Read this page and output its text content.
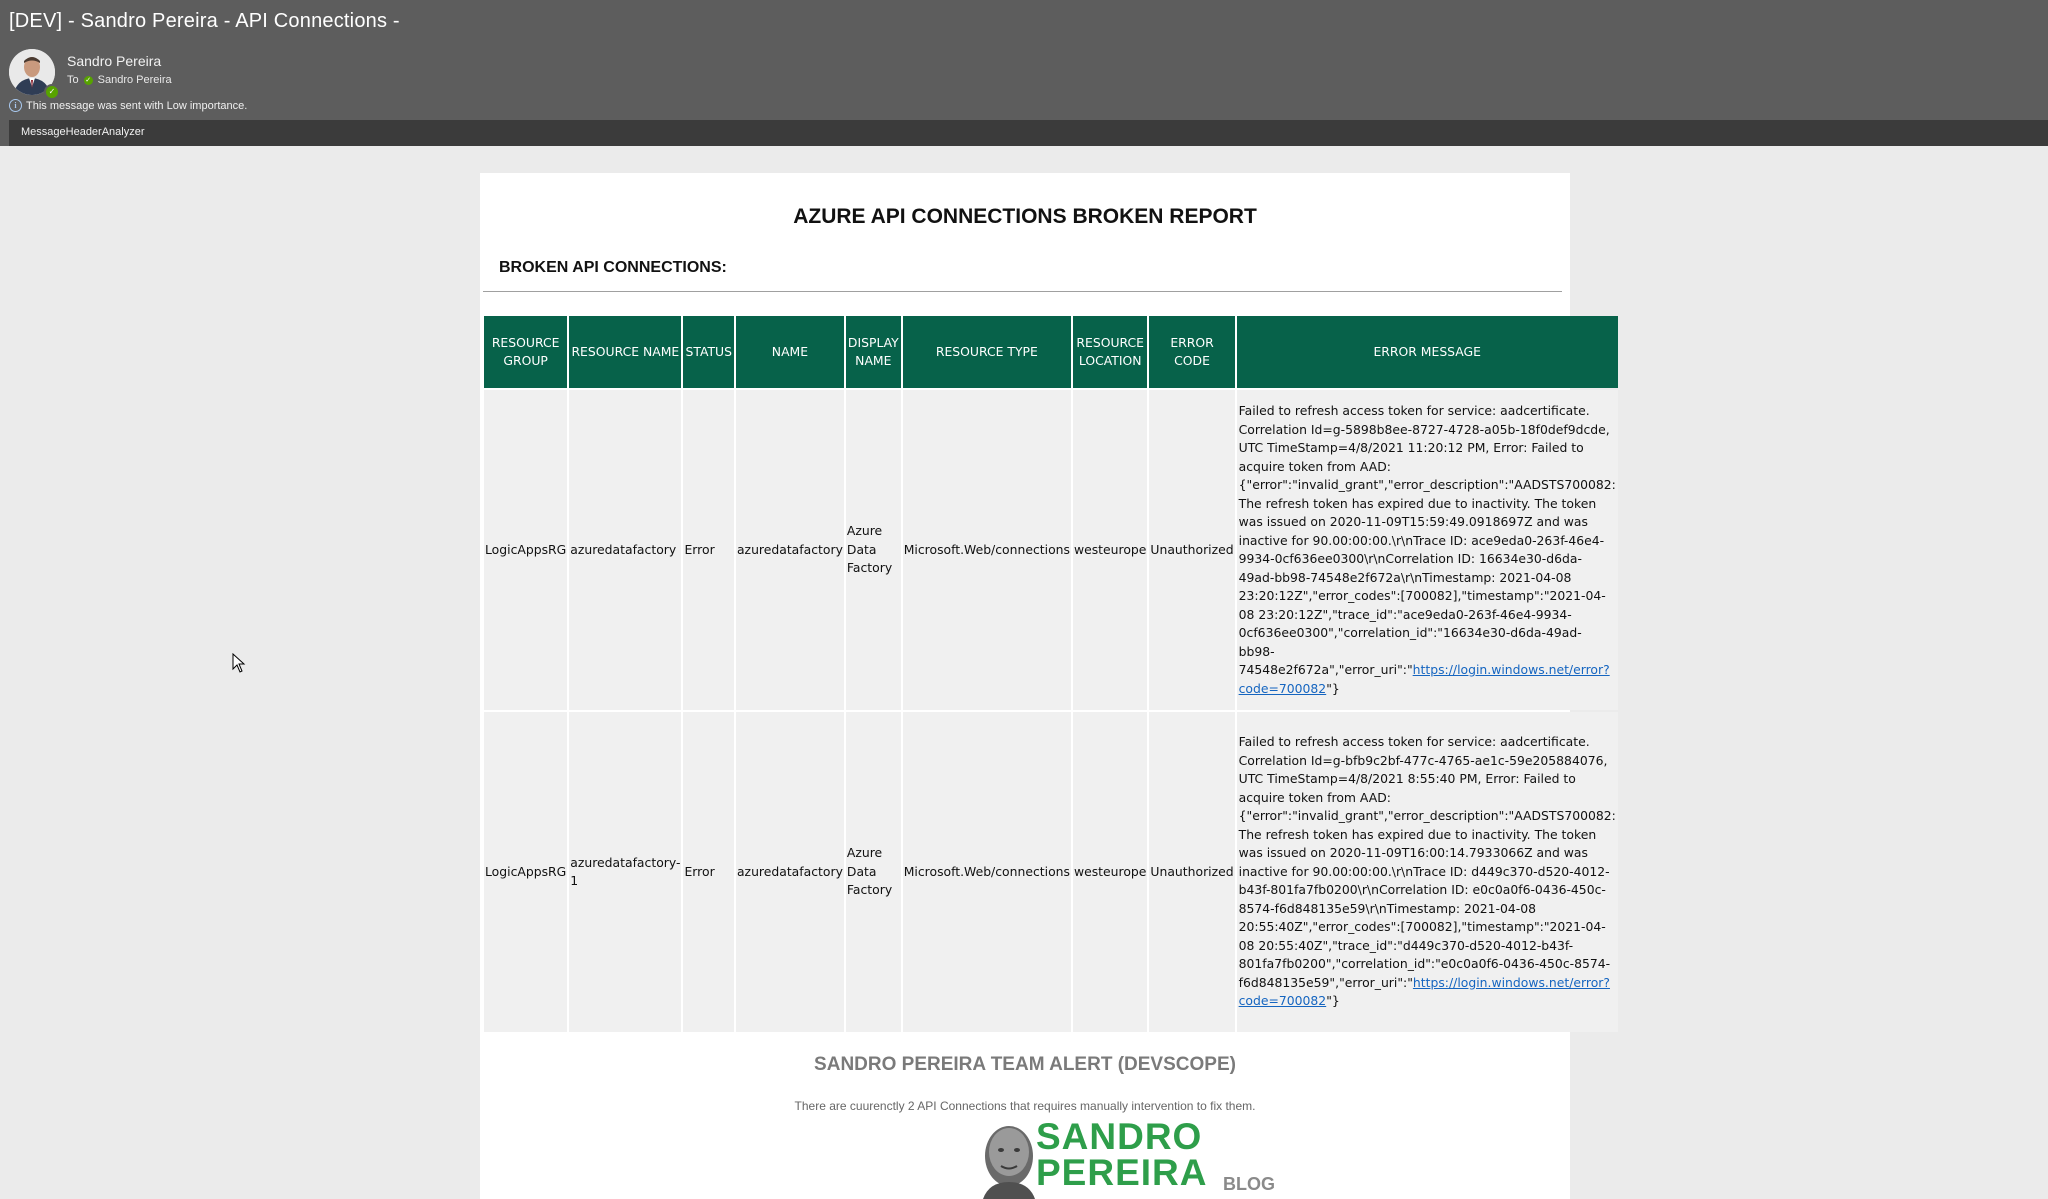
[DEV] - Sandro Pereira - API Connections -
✓
Sandro Pereira
To ✓ Sandro Pereira
i This message was sent with Low importance.
MessageHeaderAnalyzer
AZURE API CONNECTIONS BROKEN REPORT
BROKEN API CONNECTIONS:
RESOURCE GROUP	RESOURCE NAME	STATUS	NAME	DISPLAY NAME	RESOURCE TYPE	RESOURCE LOCATION	ERROR CODE	ERROR MESSAGE
LogicAppsRG	azuredatafactory	Error	azuredatafactory	Azure Data Factory	Microsoft.Web/connections	westeurope	Unauthorized	Failed to refresh access token for service: aadcertificate. Correlation Id=g-5898b8ee-8727-4728-a05b-18f0def9dcde, UTC TimeStamp=4/8/2021 11:20:12 PM, Error: Failed to acquire token from AAD: {"error":"invalid_grant","error_description":"AADSTS700082: The refresh token has expired due to inactivity. The token was issued on 2020-11-09T15:59:49.0918697Z and was inactive for 90.00:00:00.\r\nTrace ID: ace9eda0-263f-46e4-9934-0cf636ee0300\r\nCorrelation ID: 16634e30-d6da-49ad-bb98-74548e2f672a\r\nTimestamp: 2021-04-08 23:20:12Z","error_codes":[700082],"timestamp":"2021-04-08 23:20:12Z","trace_id":"ace9eda0-263f-46e4-9934-0cf636ee0300","correlation_id":"16634e30-d6da-49ad-bb98-74548e2f672a","error_uri":"https://login.windows.net/error?code=700082"}
LogicAppsRG	azuredatafactory-1	Error	azuredatafactory	Azure Data Factory	Microsoft.Web/connections	westeurope	Unauthorized	Failed to refresh access token for service: aadcertificate. Correlation Id=g-bfb9c2bf-477c-4765-ae1c-59e205884076, UTC TimeStamp=4/8/2021 8:55:40 PM, Error: Failed to acquire token from AAD: {"error":"invalid_grant","error_description":"AADSTS700082: The refresh token has expired due to inactivity. The token was issued on 2020-11-09T16:00:14.7933066Z and was inactive for 90.00:00:00.\r\nTrace ID: d449c370-d520-4012-b43f-801fa7fb0200\r\nCorrelation ID: e0c0a0f6-0436-450c-8574-f6d848135e59\r\nTimestamp: 2021-04-08 20:55:40Z","error_codes":[700082],"timestamp":"2021-04-08 20:55:40Z","trace_id":"d449c370-d520-4012-b43f-801fa7fb0200","correlation_id":"e0c0a0f6-0436-450c-8574-f6d848135e59","error_uri":"https://login.windows.net/error?code=700082"}
SANDRO PEREIRA TEAM ALERT (DEVSCOPE)
There are cuurenctly 2 API Connections that requires manually intervention to fix them.
SANDRO
PEREIRA BLOG
